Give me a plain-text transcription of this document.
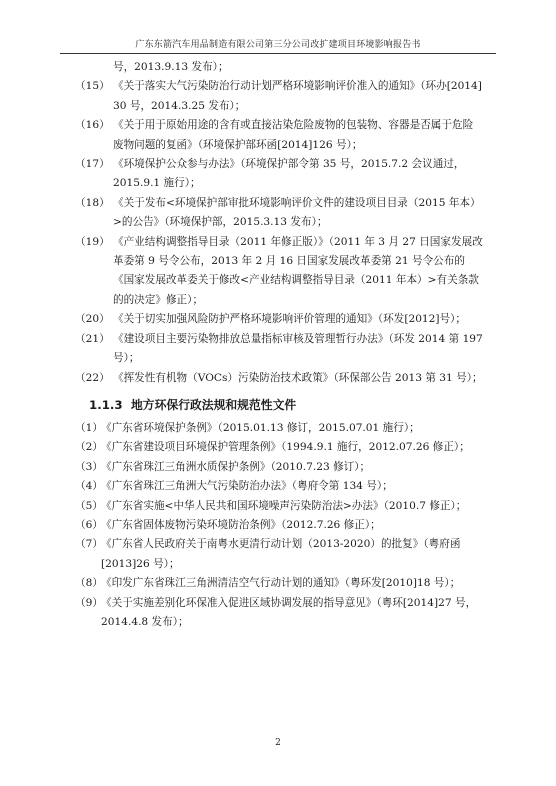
广东东箭汽车用品制造有限公司第三分公司改扩建项目环境影响报告书
号，2013.9.13 发布）；
（15） 《关于落实大气污染防治行动计划严格环境影响评价准入的通知》（环办[2014] 30 号，2014.3.25 发布）；
（16） 《关于用于原始用途的含有或直接沾染危险废物的包装物、容器是否属于危险废物问题的复函》（环境保护部环函[2014]126 号）；
（17） 《环境保护公众参与办法》（环境保护部令第 35 号，2015.7.2 会议通过，2015.9.1 施行）；
（18） 《关于发布<环境保护部审批环境影响评价文件的建设项目目录（2015 年本）>的公告》（环境保护部，2015.3.13 发布）；
（19） 《产业结构调整指导目录（2011 年修正版）》（2011 年 3 月 27 日国家发展改革委第 9 号令公布，2013 年 2 月 16 日国家发展改革委第 21 号令公布的《国家发展改革委关于修改<产业结构调整指导目录（2011 年本）>有关条款的的决定》修正）；
（20） 《关于切实加强风险防护严格环境影响评价管理的通知》（环发[2012]号）；
（21） 《建设项目主要污染物排放总量指标审核及管理暂行办法》（环发 2014 第 197 号）；
（22） 《挥发性有机物（VOCs）污染防治技术政策》（环保部公告 2013 第 31 号）；
1.1.3 地方环保行政法规和规范性文件
（1）
《广东省环境保护条例》（2015.01.13 修订，2015.07.01 施行）；
（2）
《广东省建设项目环境保护管理条例》（1994.9.1 施行，2012.07.26 修正）；
（3）
《广东省珠江三角洲水质保护条例》（2010.7.23 修订）；
（4）
《广东省珠江三角洲大气污染防治办法》（粤府令第 134 号）；
（5）
《广东省实施<中华人民共和国环境噪声污染防治法>办法》（2010.7 修正）；
（6）
《广东省固体废物污染环境防治条例》（2012.7.26 修正）；
（7）
《广东省人民政府关于南粤水更清行动计划（2013-2020）的批复》（粤府函[2013]26 号）；
（8）
《印发广东省珠江三角洲清洁空气行动计划的通知》（粤环发[2010]18 号）；
（9）
《关于实施差别化环保准入促进区域协调发展的指导意见》（粤环[2014]27 号，2014.4.8 发布）；
2
